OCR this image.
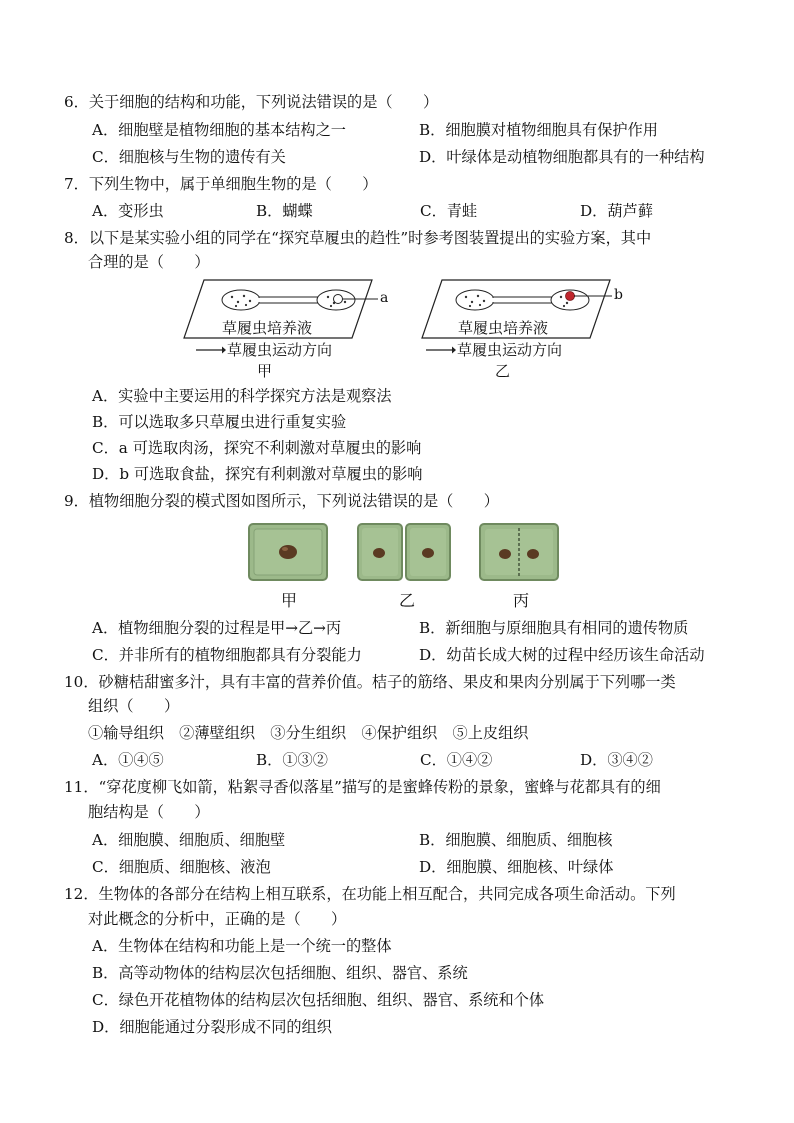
6．关于细胞的结构和功能，下列说法错误的是（　　）
A．细胞壁是植物细胞的基本结构之一	B．细胞膜对植物细胞具有保护作用
C．细胞核与生物的遗传有关	D．叶绿体是动植物细胞都具有的一种结构
7．下列生物中，属于单细胞生物的是（　　）
A．变形虫	B．蝴蝶	C．青蛙	D．葫芦藓
8．以下是某实验小组的同学在“探究草履虫的趋性”时参考图装置提出的实验方案，其中
合理的是（　　）
a
草履虫培养液
草履虫运动方向
甲
b
草履虫培养液
草履虫运动方向
乙
A．实验中主要运用的科学探究方法是观察法
B．可以选取多只草履虫进行重复实验
C．a 可选取肉汤，探究不利刺激对草履虫的影响
D．b 可选取食盐，探究有利刺激对草履虫的影响
9．植物细胞分裂的模式图如图所示，下列说法错误的是（　　）
甲	乙	丙
A．植物细胞分裂的过程是甲→乙→丙	B．新细胞与原细胞具有相同的遗传物质
C．并非所有的植物细胞都具有分裂能力	D．幼苗长成大树的过程中经历该生命活动
10．砂糖桔甜蜜多汁，具有丰富的营养价值。桔子的筋络、果皮和果肉分别属于下列哪一类
组织（　　）
①输导组织　②薄壁组织　③分生组织　④保护组织　⑤上皮组织
A．①④⑤	B．①③②	C．①④②	D．③④②
11．“穿花度柳飞如箭，粘絮寻香似落星”描写的是蜜蜂传粉的景象，蜜蜂与花都具有的细
胞结构是（　　）
A．细胞膜、细胞质、细胞壁	B．细胞膜、细胞质、细胞核
C．细胞质、细胞核、液泡	D．细胞膜、细胞核、叶绿体
12．生物体的各部分在结构上相互联系，在功能上相互配合，共同完成各项生命活动。下列
对此概念的分析中，正确的是（　　）
A．生物体在结构和功能上是一个统一的整体
B．高等动物体的结构层次包括细胞、组织、器官、系统
C．绿色开花植物体的结构层次包括细胞、组织、器官、系统和个体
D．细胞能通过分裂形成不同的组织
